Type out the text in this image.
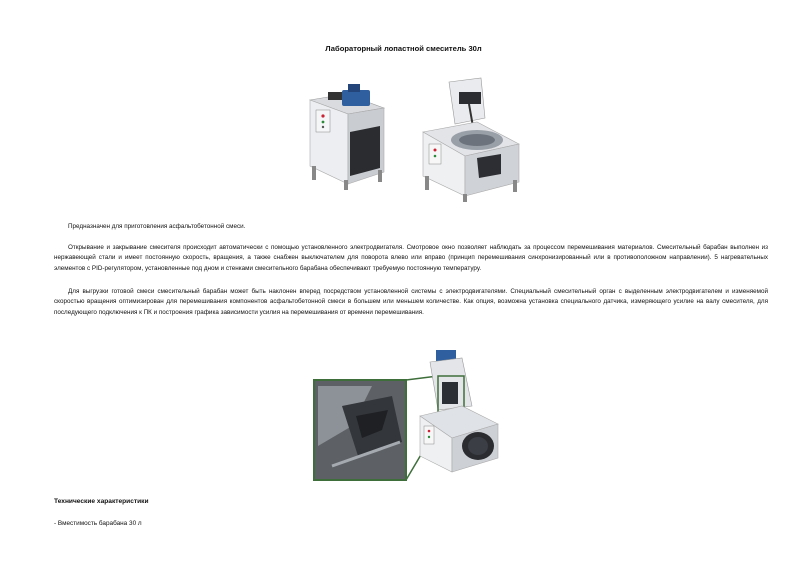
Лабораторный лопастной смеситель 30л

Предназначен для приготовления асфальтобетонной смеси.

Открывание и закрывание смесителя происходит автоматически с помощью установленного электродвигателя. Смотровое окно позволяет наблюдать за процессом перемешивания материалов. Смесительный барабан выполнен из нержавеющей стали и имеет постоянную скорость, вращения, а также снабжен выключателем для поворота влево или вправо (принцип перемешивания синхронизированный или в противоположном направлении). 5 нагревательных элементов с PID-регулятором, установленные под дном и стенками смесительного барабана обеспечивают требуемую постоянную температуру.

Для выгрузки готовой смеси смесительный барабан может быть наклонен вперед посредством установленной системы с электродвигателями. Специальный смесительный орган с выделенным электродвигателем и изменяемой скоростью вращения оптимизирован для перемешивания компонентов асфальтобетонной смеси в большем или меньшем количестве. Как опция, возможна установка специального датчика, измеряющего усилие на валу смесителя, для последующего подключения к ПК и построения графика зависимости усилия на перемешивания от времени перемешивания.

Технические характеристики
- Вместимость барабана 30 л
